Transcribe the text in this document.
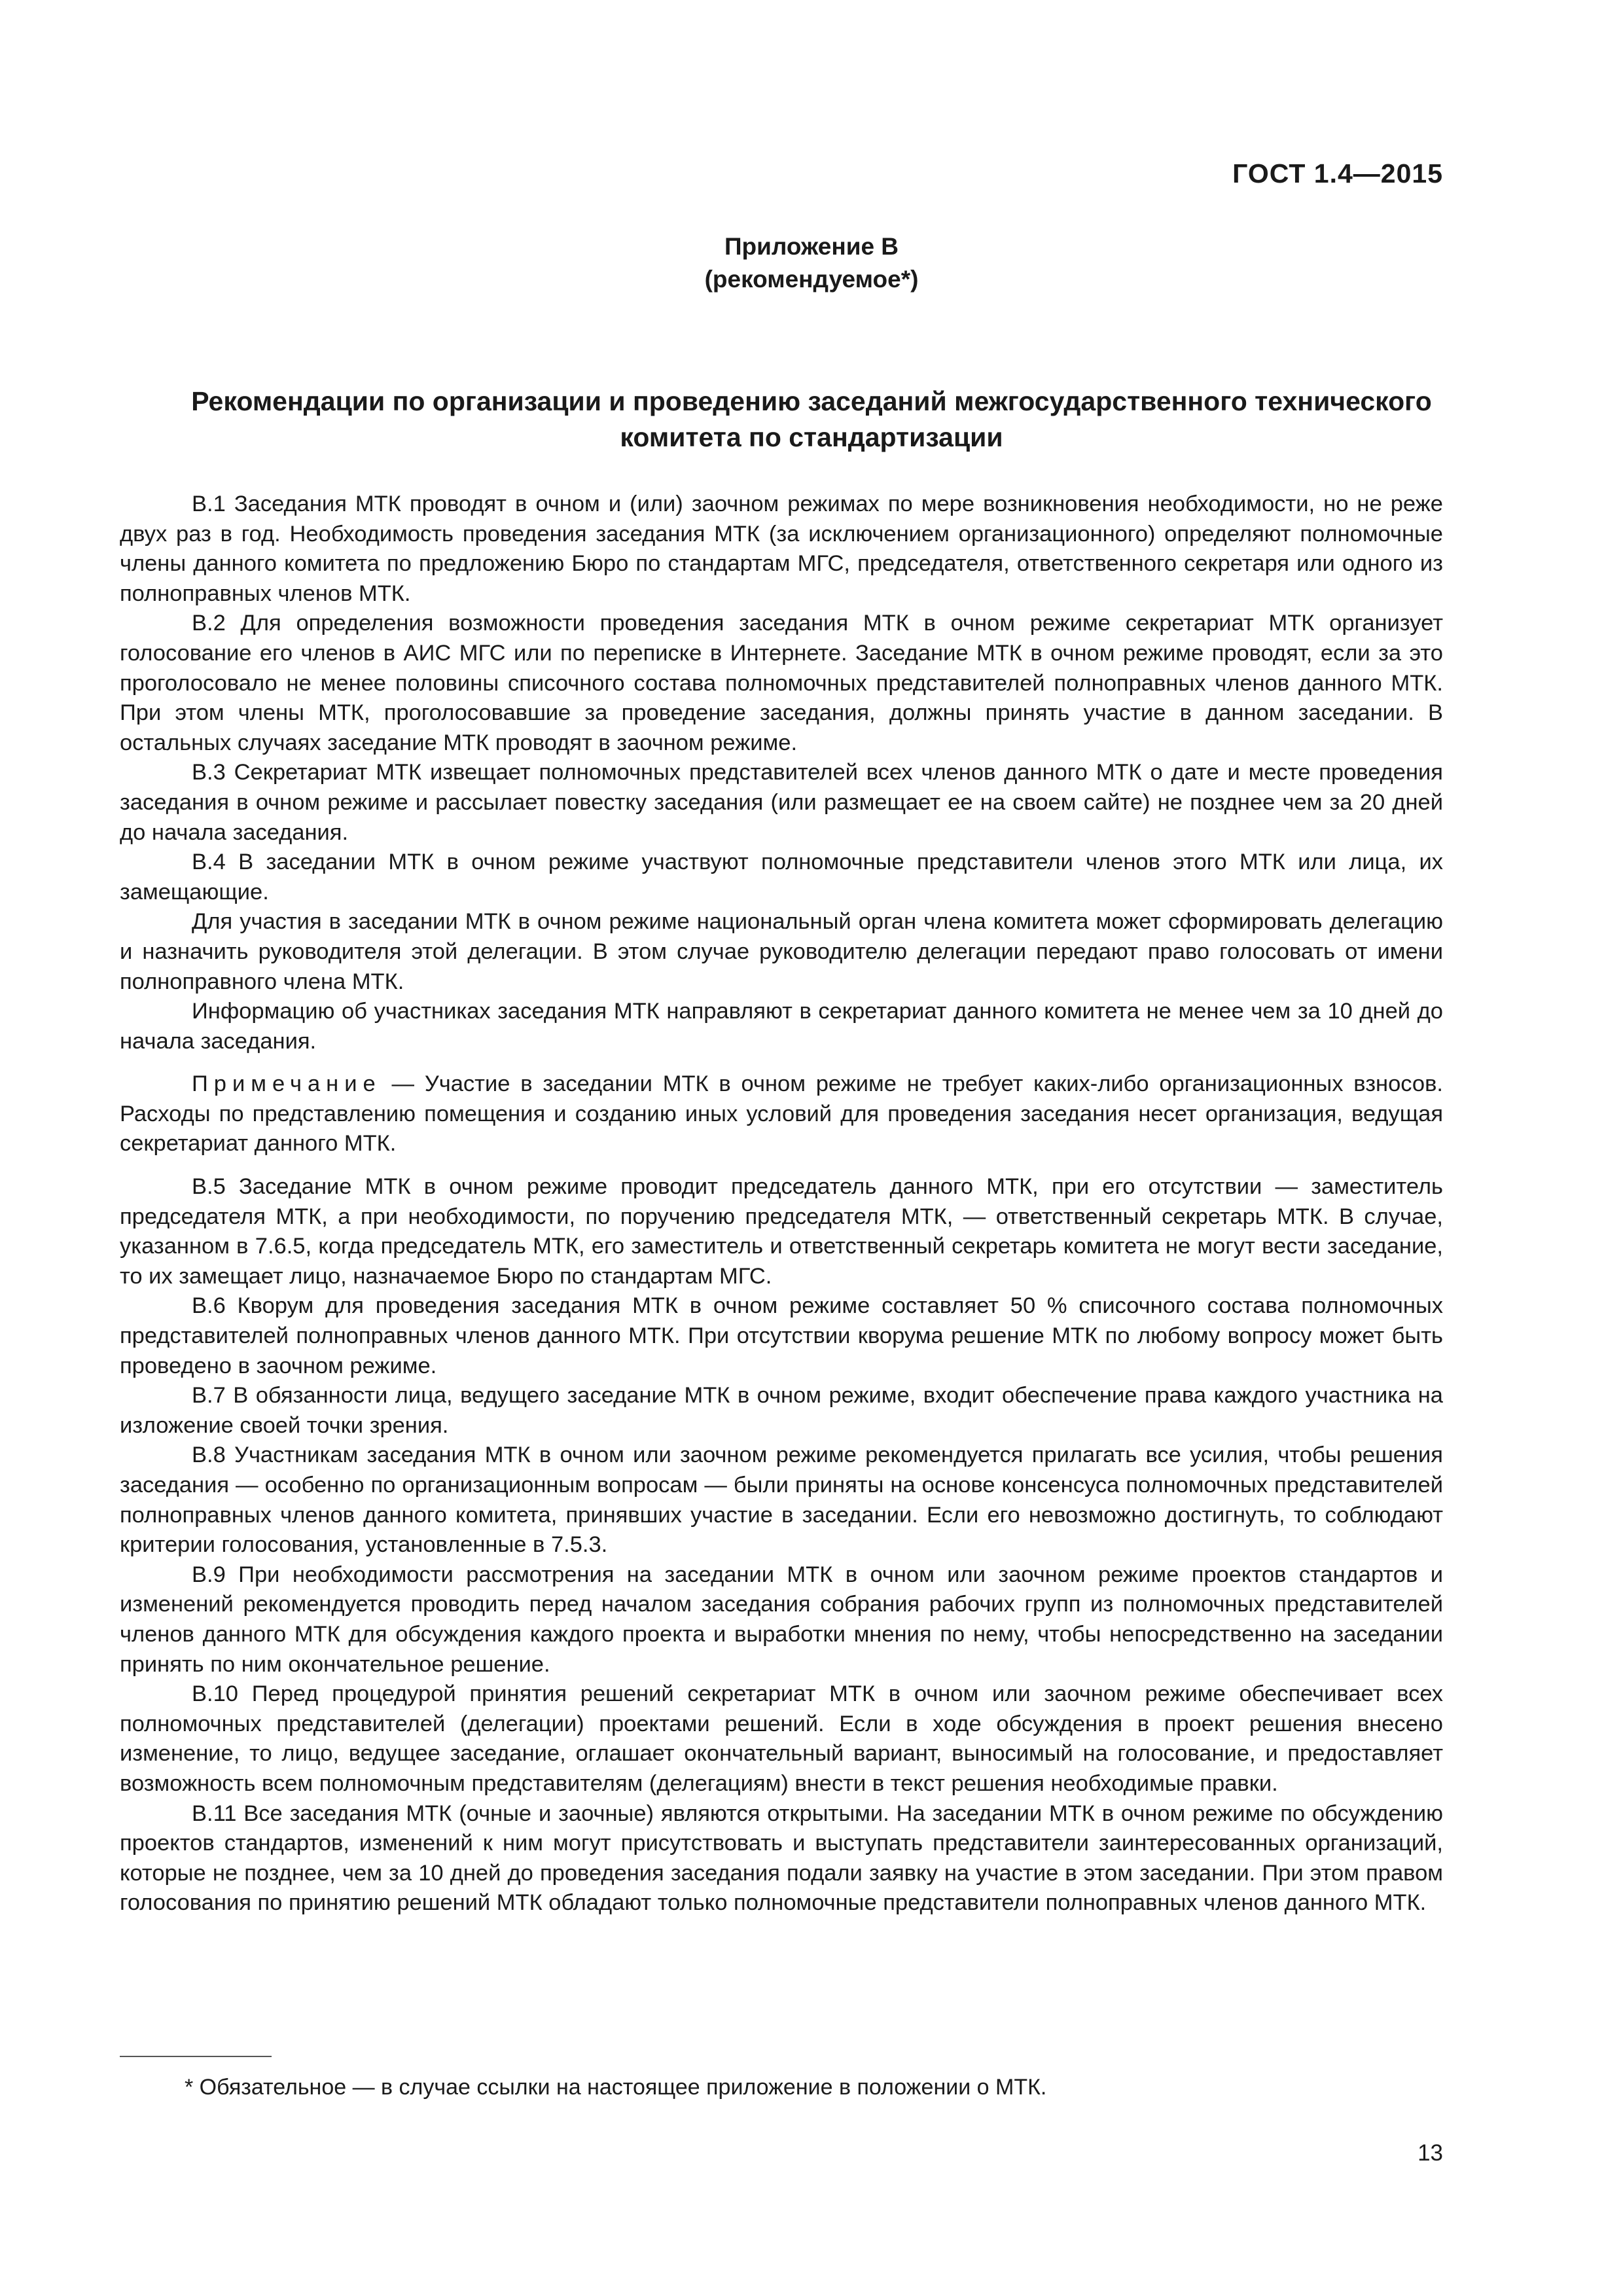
ГОСТ 1.4—2015
Приложение В
(рекомендуемое*)
Рекомендации по организации и проведению заседаний межгосударственного технического
комитета по стандартизации

В.1 Заседания МТК проводят в очном и (или) заочном режимах по мере возникновения необходимости, но не реже двух раз в год. Необходимость проведения заседания МТК (за исключением организационного) определяют полномочные члены данного комитета по предложению Бюро по стандартам МГС, председателя, ответственного секретаря или одного из полноправных членов МТК.

В.2 Для определения возможности проведения заседания МТК в очном режиме секретариат МТК организует голосование его членов в АИС МГС или по переписке в Интернете. Заседание МТК в очном режиме проводят, если за это проголосовало не менее половины списочного состава полномочных представителей полноправных членов данного МТК. При этом члены МТК, проголосовавшие за проведение заседания, должны принять участие в данном заседании. В остальных случаях заседание МТК проводят в заочном режиме.

В.3 Секретариат МТК извещает полномочных представителей всех членов данного МТК о дате и месте проведения заседания в очном режиме и рассылает повестку заседания (или размещает ее на своем сайте) не позднее чем за 20 дней до начала заседания.

В.4 В заседании МТК в очном режиме участвуют полномочные представители членов этого МТК или лица, их замещающие.

Для участия в заседании МТК в очном режиме национальный орган члена комитета может сформировать делегацию и назначить руководителя этой делегации. В этом случае руководителю делегации передают право голосовать от имени полноправного члена МТК.

Информацию об участниках заседания МТК направляют в секретариат данного комитета не менее чем за 10 дней до начала заседания.

Примечание — Участие в заседании МТК в очном режиме не требует каких-либо организационных взносов. Расходы по представлению помещения и созданию иных условий для проведения заседания несет организация, ведущая секретариат данного МТК.

В.5 Заседание МТК в очном режиме проводит председатель данного МТК, при его отсутствии — заместитель председателя МТК, а при необходимости, по поручению председателя МТК, — ответственный секретарь МТК. В случае, указанном в 7.6.5, когда председатель МТК, его заместитель и ответственный секретарь комитета не могут вести заседание, то их замещает лицо, назначаемое Бюро по стандартам МГС.

В.6 Кворум для проведения заседания МТК в очном режиме составляет 50 % списочного состава полномочных представителей полноправных членов данного МТК. При отсутствии кворума решение МТК по любому вопросу может быть проведено в заочном режиме.

В.7 В обязанности лица, ведущего заседание МТК в очном режиме, входит обеспечение права каждого участника на изложение своей точки зрения.

В.8 Участникам заседания МТК в очном или заочном режиме рекомендуется прилагать все усилия, чтобы решения заседания — особенно по организационным вопросам — были приняты на основе консенсуса полномочных представителей полноправных членов данного комитета, принявших участие в заседании. Если его невозможно достигнуть, то соблюдают критерии голосования, установленные в 7.5.3.

В.9 При необходимости рассмотрения на заседании МТК в очном или заочном режиме проектов стандартов и изменений рекомендуется проводить перед началом заседания собрания рабочих групп из полномочных представителей членов данного МТК для обсуждения каждого проекта и выработки мнения по нему, чтобы непосредственно на заседании принять по ним окончательное решение.

В.10 Перед процедурой принятия решений секретариат МТК в очном или заочном режиме обеспечивает всех полномочных представителей (делегации) проектами решений. Если в ходе обсуждения в проект решения внесено изменение, то лицо, ведущее заседание, оглашает окончательный вариант, выносимый на голосование, и предоставляет возможность всем полномочным представителям (делегациям) внести в текст решения необходимые правки.

В.11 Все заседания МТК (очные и заочные) являются открытыми. На заседании МТК в очном режиме по обсуждению проектов стандартов, изменений к ним могут присутствовать и выступать представители заинтересованных организаций, которые не позднее, чем за 10 дней до проведения заседания подали заявку на участие в этом заседании. При этом правом голосования по принятию решений МТК обладают только полномочные представители полноправных членов данного МТК.

* Обязательное — в случае ссылки на настоящее приложение в положении о МТК.
13
